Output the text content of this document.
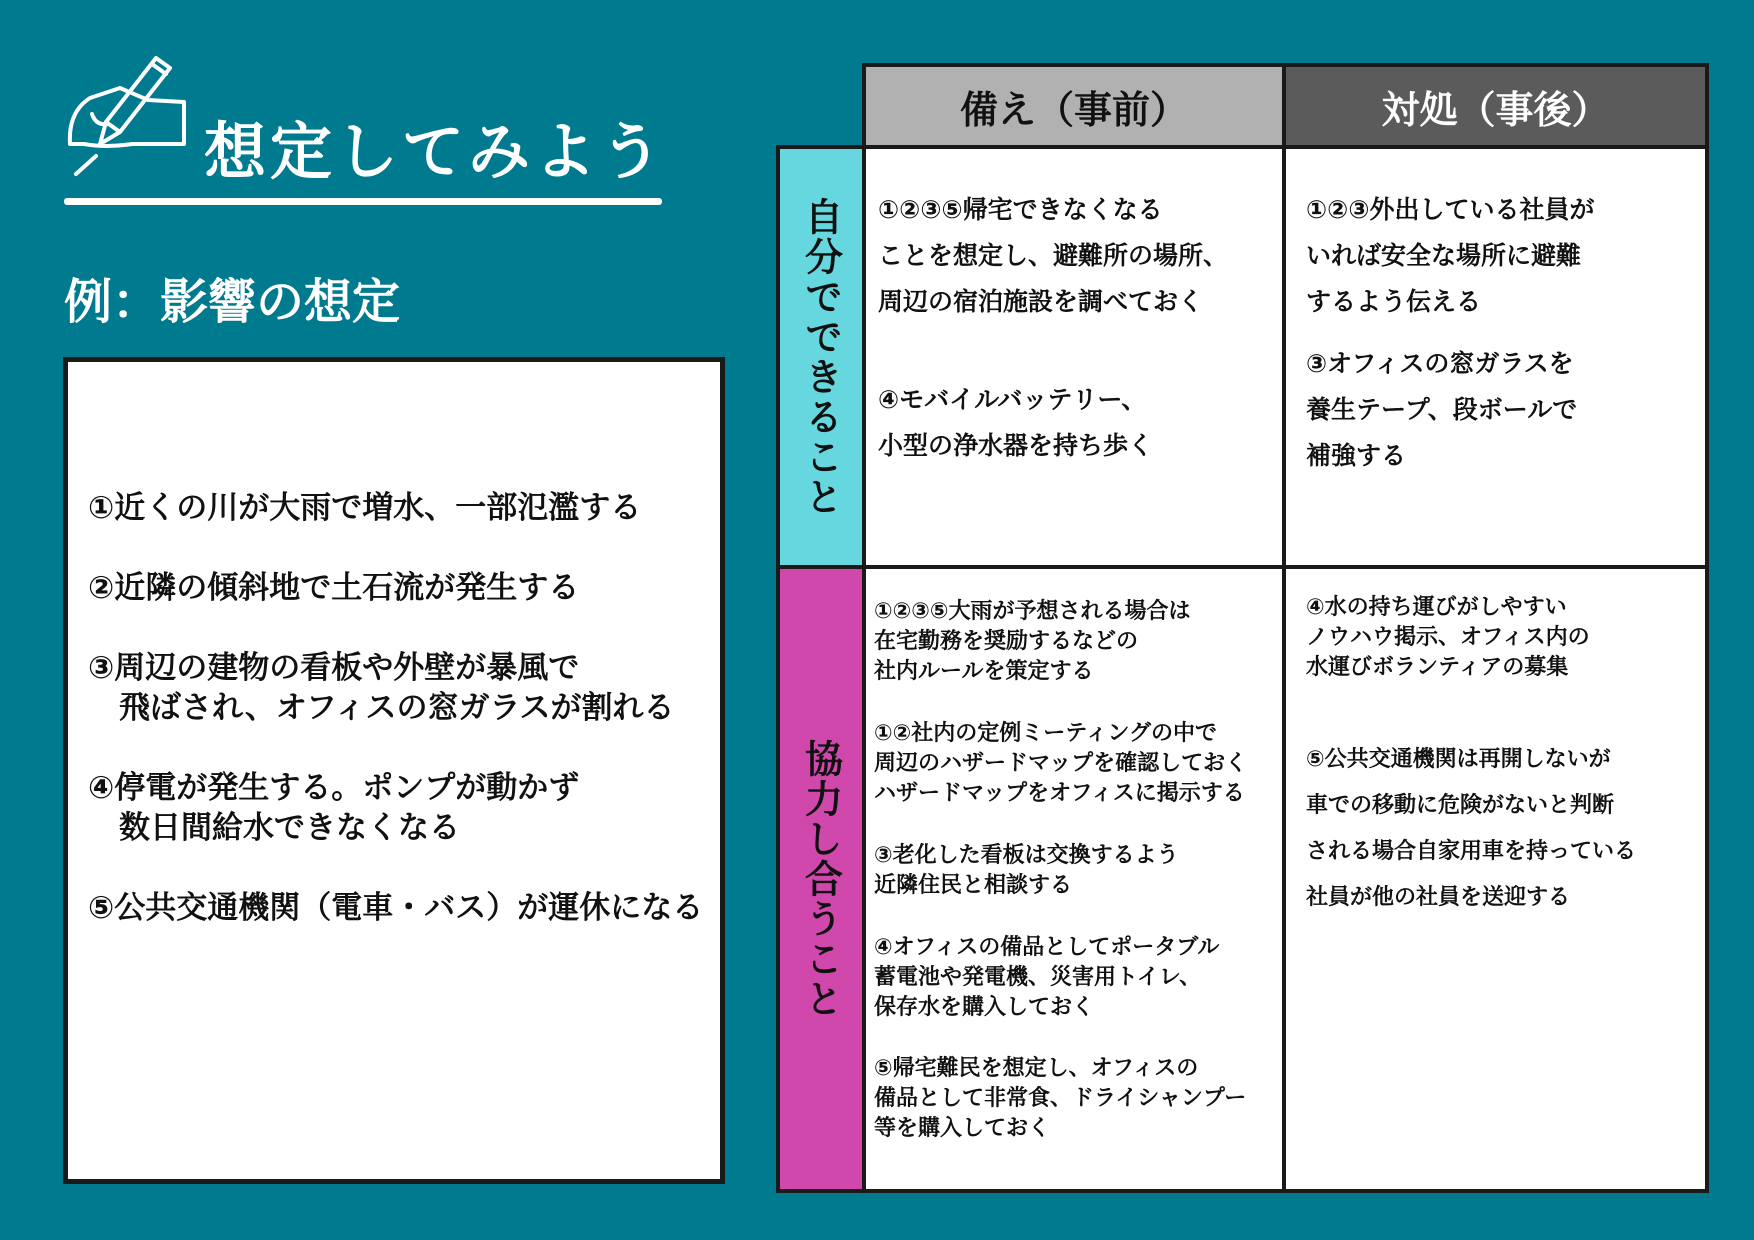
想定してみよう
例：影響の想定
①近くの川が大雨で増水、一部氾濫する
②近隣の傾斜地で土石流が発生する
③周辺の建物の看板や外壁が暴風で
　飛ばされ、オフィスの窓ガラスが割れる
④停電が発生する。ポンプが動かず
　数日間給水できなくなる
⑤公共交通機関（電車・バス）が運休になる
備え（事前）	対処（事後）
自分でできること
協力し合うこと
①②③⑤帰宅できなくなる
ことを想定し、避難所の場所、
周辺の宿泊施設を調べておく
④モバイルバッテリー、
小型の浄水器を持ち歩く
①②③外出している社員が
いれば安全な場所に避難
するよう伝える
③オフィスの窓ガラスを
養生テープ、段ボールで
補強する
①②③⑤大雨が予想される場合は
在宅勤務を奨励するなどの
社内ルールを策定する
①②社内の定例ミーティングの中で
周辺のハザードマップを確認しておく
ハザードマップをオフィスに掲示する
③老化した看板は交換するよう
近隣住民と相談する
④オフィスの備品としてポータブル
蓄電池や発電機、災害用トイレ、
保存水を購入しておく
⑤帰宅難民を想定し、オフィスの
備品として非常食、ドライシャンプー
等を購入しておく
④水の持ち運びがしやすい
ノウハウ掲示、オフィス内の
水運びボランティアの募集
⑤公共交通機関は再開しないが
車での移動に危険がないと判断
される場合自家用車を持っている
社員が他の社員を送迎する
